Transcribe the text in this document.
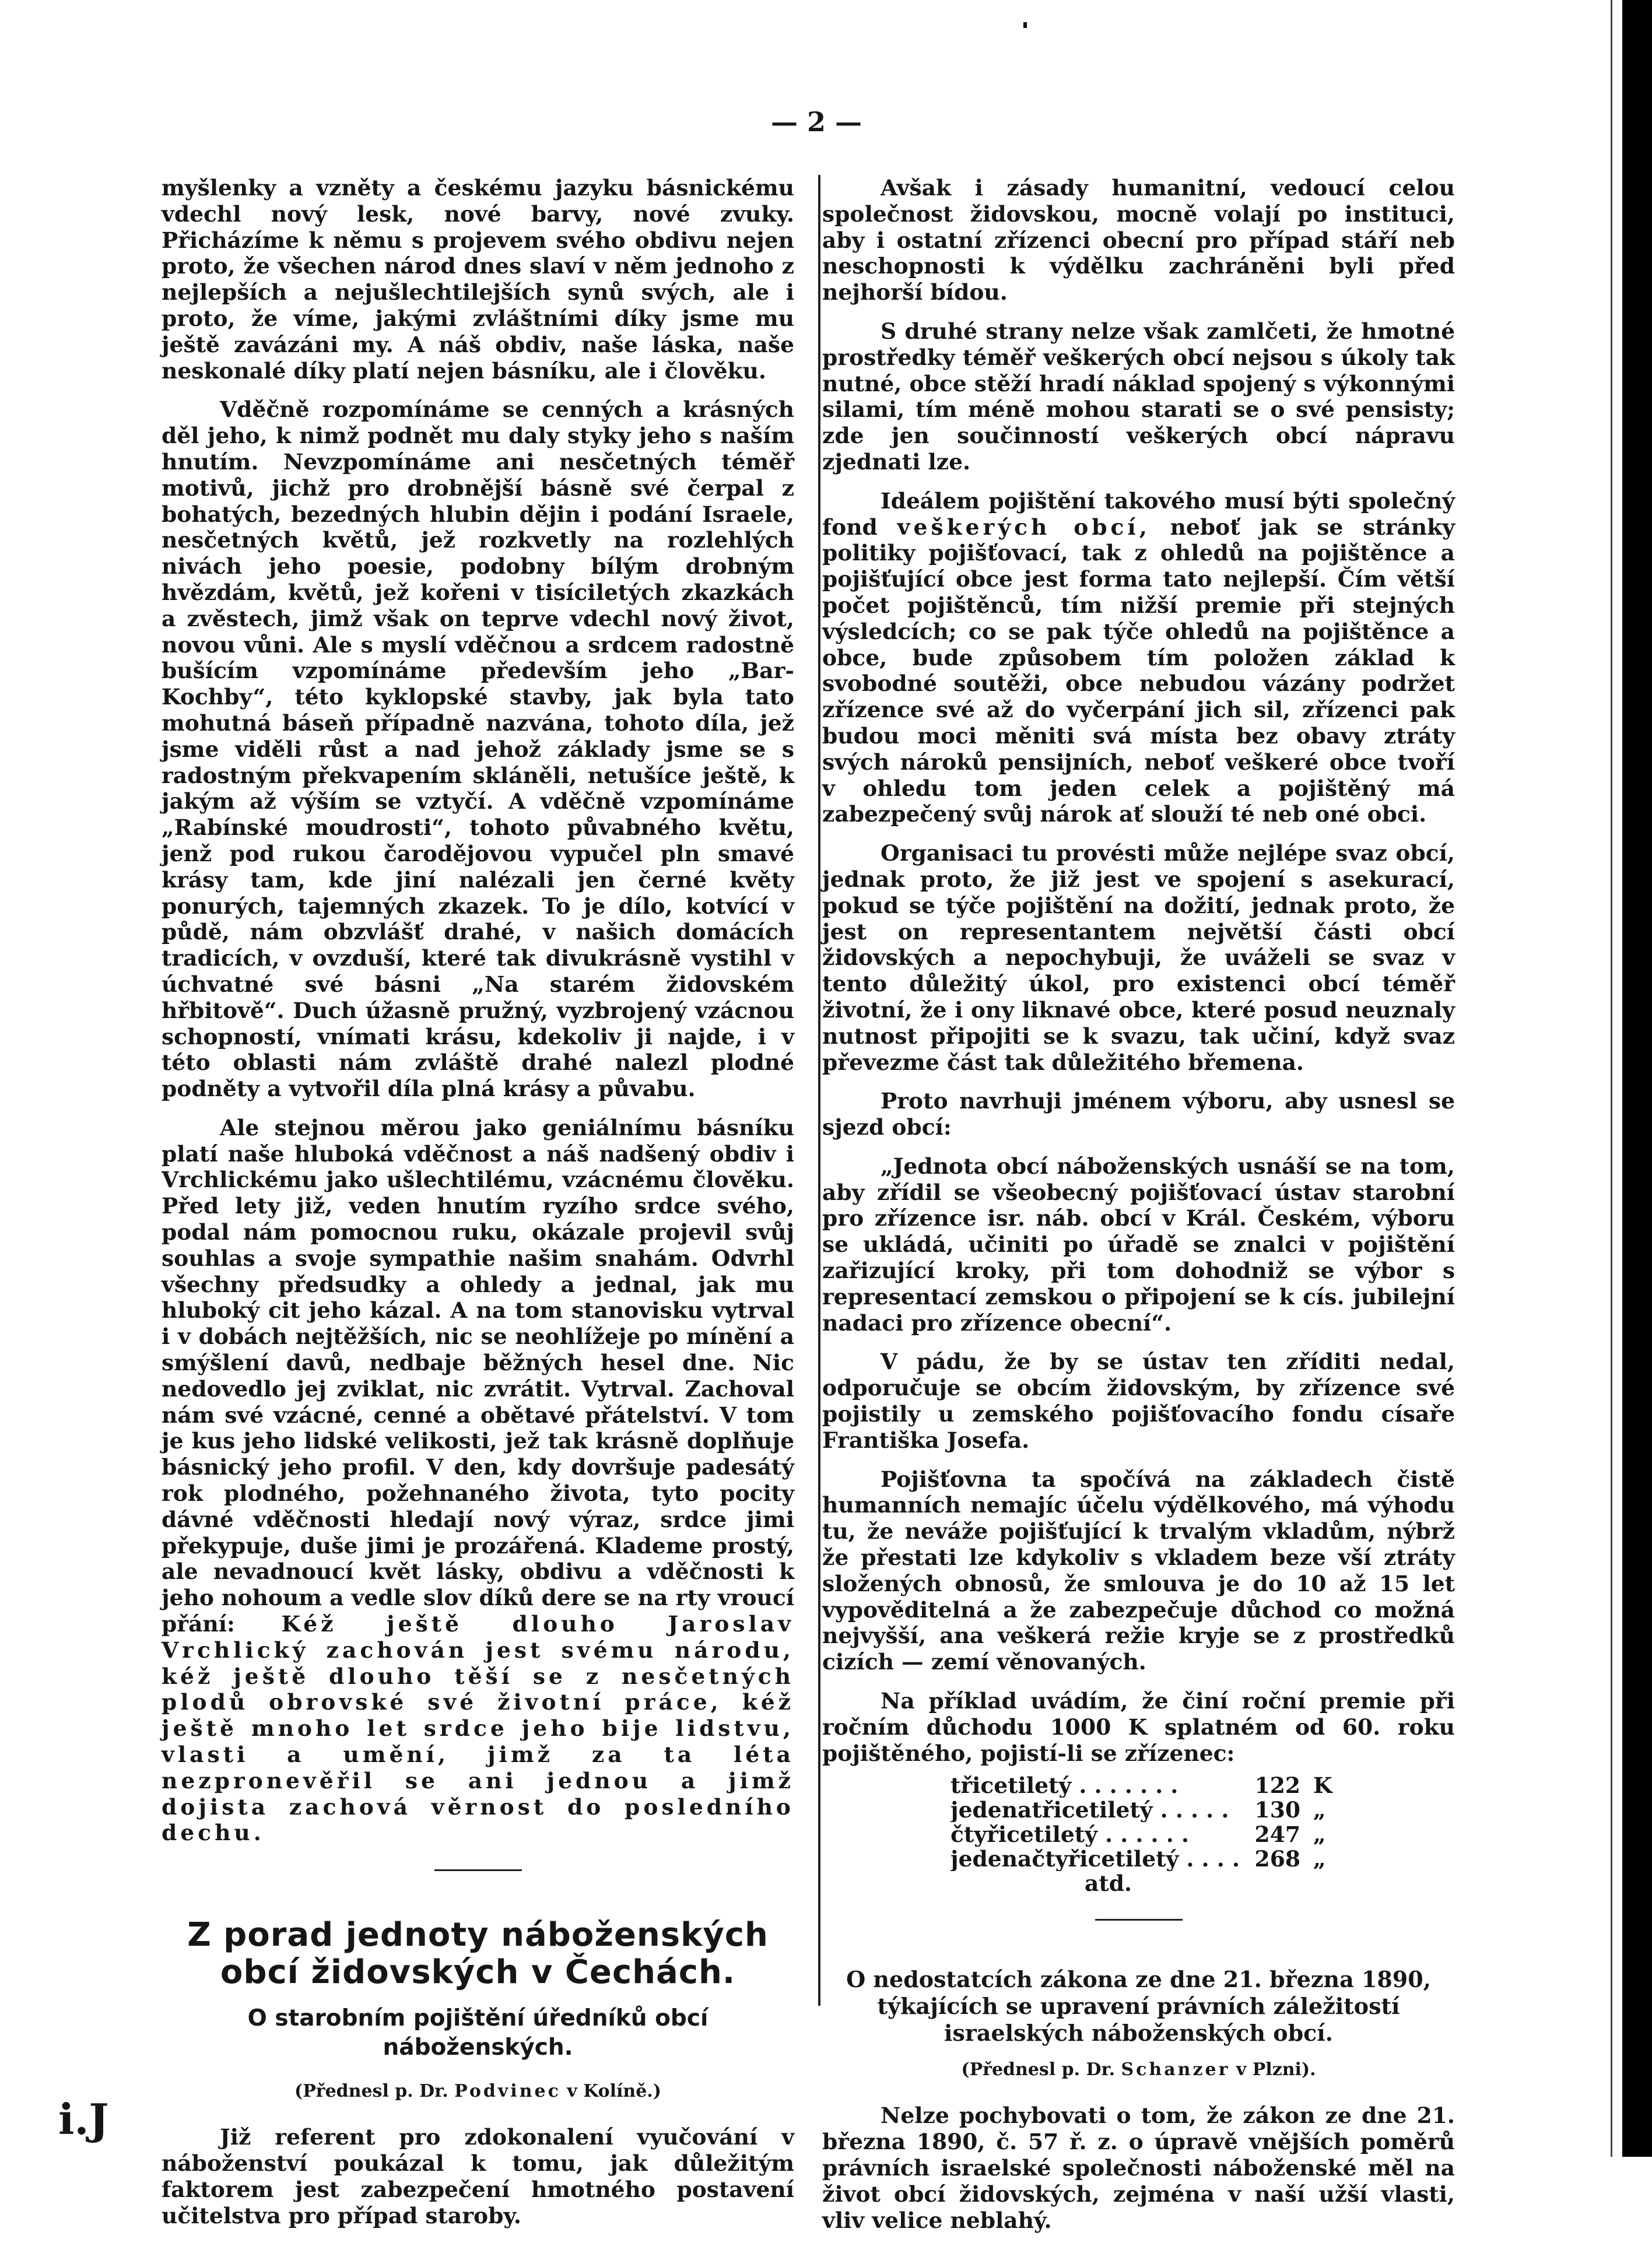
— 2 —

myšlenky a vzněty a českému jazyku básnickému vdechl nový lesk, nové barvy, nové zvuky. Přicházíme k němu s projevem svého obdivu nejen proto, že všechen národ dnes slaví v něm jednoho z nejlepších a nejušlechtilejších synů svých, ale i proto, že víme, jakými zvláštními díky jsme mu ještě zavázáni my. A náš obdiv, naše láska, naše neskonalé díky platí nejen básníku, ale i člověku.

Vděčně rozpomínáme se cenných a krásných děl jeho, k nimž podnět mu daly styky jeho s naším hnutím. Nevzpomínáme ani nesčetných téměř motivů, jichž pro drobnější básně své čerpal z bohatých, bezedných hlubin dějin i podání Israele, nesčetných květů, jež rozkvetly na rozlehlých nivách jeho poesie, podobny bílým drobným hvězdám, květů, jež kořeni v tisíciletých zkazkách a zvěstech, jimž však on teprve vdechl nový život, novou vůni. Ale s myslí vděčnou a srdcem radostně bušícím vzpomínáme především jeho „Bar-Kochby“, této kyklopské stavby, jak byla tato mohutná báseň případně nazvána, tohoto díla, jež jsme viděli růst a nad jehož základy jsme se s radostným překvapením skláněli, netušíce ještě, k jakým až výším se vztyčí. A vděčně vzpomínáme „Rabínské moudrosti“, tohoto půvabného květu, jenž pod rukou čarodějovou vypučel pln smavé krásy tam, kde jiní nalézali jen černé květy ponurých, tajemných zkazek. To je dílo, kotvící v půdě, nám obzvlášť drahé, v našich domácích tradicích, v ovzduší, které tak divukrásně vystihl v úchvatné své básni „Na starém židovském hřbitově“. Duch úžasně pružný, vyzbrojený vzácnou schopností, vnímati krásu, kdekoliv ji najde, i v této oblasti nám zvláště drahé nalezl plodné podněty a vytvořil díla plná krásy a půvabu.

Ale stejnou měrou jako geniálnímu básníku platí naše hluboká vděčnost a náš nadšený obdiv i Vrchlickému jako ušlechtilému, vzácnému člověku. Před lety již, veden hnutím ryzího srdce svého, podal nám pomocnou ruku, okázale projevil svůj souhlas a svoje sympathie našim snahám. Odvrhl všechny předsudky a ohledy a jednal, jak mu hluboký cit jeho kázal. A na tom stanovisku vytrval i v dobách nejtěžších, nic se neohlížeje po mínění a smýšlení davů, nedbaje běžných hesel dne. Nic nedovedlo jej zviklat, nic zvrátit. Vytrval. Zachoval nám své vzácné, cenné a obětavé přátelství. V tom je kus jeho lidské velikosti, jež tak krásně doplňuje básnický jeho profil. V den, kdy dovršuje padesátý rok plodného, požehnaného života, tyto pocity dávné vděčnosti hledají nový výraz, srdce jimi překypuje, duše jimi je prozářená. Klademe prostý, ale nevadnoucí květ lásky, obdivu a vděčnosti k jeho nohoum a vedle slov díků dere se na rty vroucí přání: Kéž ještě dlouho Jaroslav Vrchlický zachován jest svému národu, kéž ještě dlouho těší se z nesčetných plodů obrovské své životní práce, kéž ještě mnoho let srdce jeho bije lidstvu, vlasti a umění, jimž za ta léta nezpronevěřil se ani jednou a jimž dojista zachová věrnost do posledního dechu.

Z porad jednoty náboženských obcí židovských v Čechách.
O starobním pojištění úředníků obcí náboženských.
(Přednesl p. Dr. Podvinec v Kolíně.)

Již referent pro zdokonalení vyučování v náboženství poukázal k tomu, jak důležitým faktorem jest zabezpečení hmotného postavení učitelstva pro případ staroby.

Avšak i zásady humanitní, vedoucí celou společnost židovskou, mocně volají po instituci, aby i ostatní zřízenci obecní pro případ stáří neb neschopnosti k výdělku zachráněni byli před nejhorší bídou.

S druhé strany nelze však zamlčeti, že hmotné prostředky téměř veškerých obcí nejsou s úkoly tak nutné, obce stěží hradí náklad spojený s výkonnými silami, tím méně mohou starati se o své pensisty; zde jen součinností veškerých obcí nápravu zjednati lze.

Ideálem pojištění takového musí býti společný fond veškerých obcí, neboť jak se stránky politiky pojišťovací, tak z ohledů na pojištěnce a pojišťující obce jest forma tato nejlepší. Čím větší počet pojištěnců, tím nižší premie při stejných výsledcích; co se pak týče ohledů na pojištěnce a obce, bude způsobem tím položen základ k svobodné soutěži, obce nebudou vázány podržet zřízence své až do vyčerpání jich sil, zřízenci pak budou moci měniti svá místa bez obavy ztráty svých nároků pensijních, neboť veškeré obce tvoří v ohledu tom jeden celek a pojištěný má zabezpečený svůj nárok ať slouží té neb oné obci.

Organisaci tu provésti může nejlépe svaz obcí, jednak proto, že již jest ve spojení s asekurací, pokud se týče pojištění na dožití, jednak proto, že jest on representantem největší části obcí židovských a nepochybuji, že uváželi se svaz v tento důležitý úkol, pro existenci obcí téměř životní, že i ony liknavé obce, které posud neuznaly nutnost připojiti se k svazu, tak učiní, když svaz převezme část tak důležitého břemena.

Proto navrhuji jménem výboru, aby usnesl se sjezd obcí:

„Jednota obcí náboženských usnáší se na tom, aby zřídil se všeobecný pojišťovací ústav starobní pro zřízence isr. náb. obcí v Král. Českém, výboru se ukládá, učiniti po úřadě se znalci v pojištění zařizující kroky, při tom dohodniž se výbor s representací zemskou o připojení se k cís. jubilejní nadaci pro zřízence obecní“.

V pádu, že by se ústav ten zříditi nedal, odporučuje se obcím židovským, by zřízence své pojistily u zemského pojišťovacího fondu císaře Františka Josefa.

Pojišťovna ta spočívá na základech čistě humanních nemajíc účelu výdělkového, má výhodu tu, že neváže pojišťující k trvalým vkladům, nýbrž že přestati lze kdykoliv s vkladem beze vší ztráty složených obnosů, že smlouva je do 10 až 15 let vypověditelná a že zabezpečuje důchod co možná nejvyšší, ana veškerá režie kryje se z prostředků cizích — zemí věnovaných.

Na příklad uvádím, že činí roční premie při ročním důchodu 1000 K splatném od 60. roku pojištěného, pojistí-li se zřízenec:

třicetiletý . . . . . . .	122 K
jedenatřicetiletý . . . . .	130 „
čtyřicetiletý . . . . . .	247 „
jedenačtyřicetiletý . . . . 268 „
atd.
O nedostatcích zákona ze dne 21. března 1890, týkajících se upravení právních záležitostí israelských náboženských obcí.
(Přednesl p. Dr. Schanzer v Plzni).

Nelze pochybovati o tom, že zákon ze dne 21. března 1890, č. 57 ř. z. o úpravě vnějších poměrů právních israelské společnosti náboženské měl na život obcí židovských, zejména v naší užší vlasti, vliv velice neblahý.

i.J
